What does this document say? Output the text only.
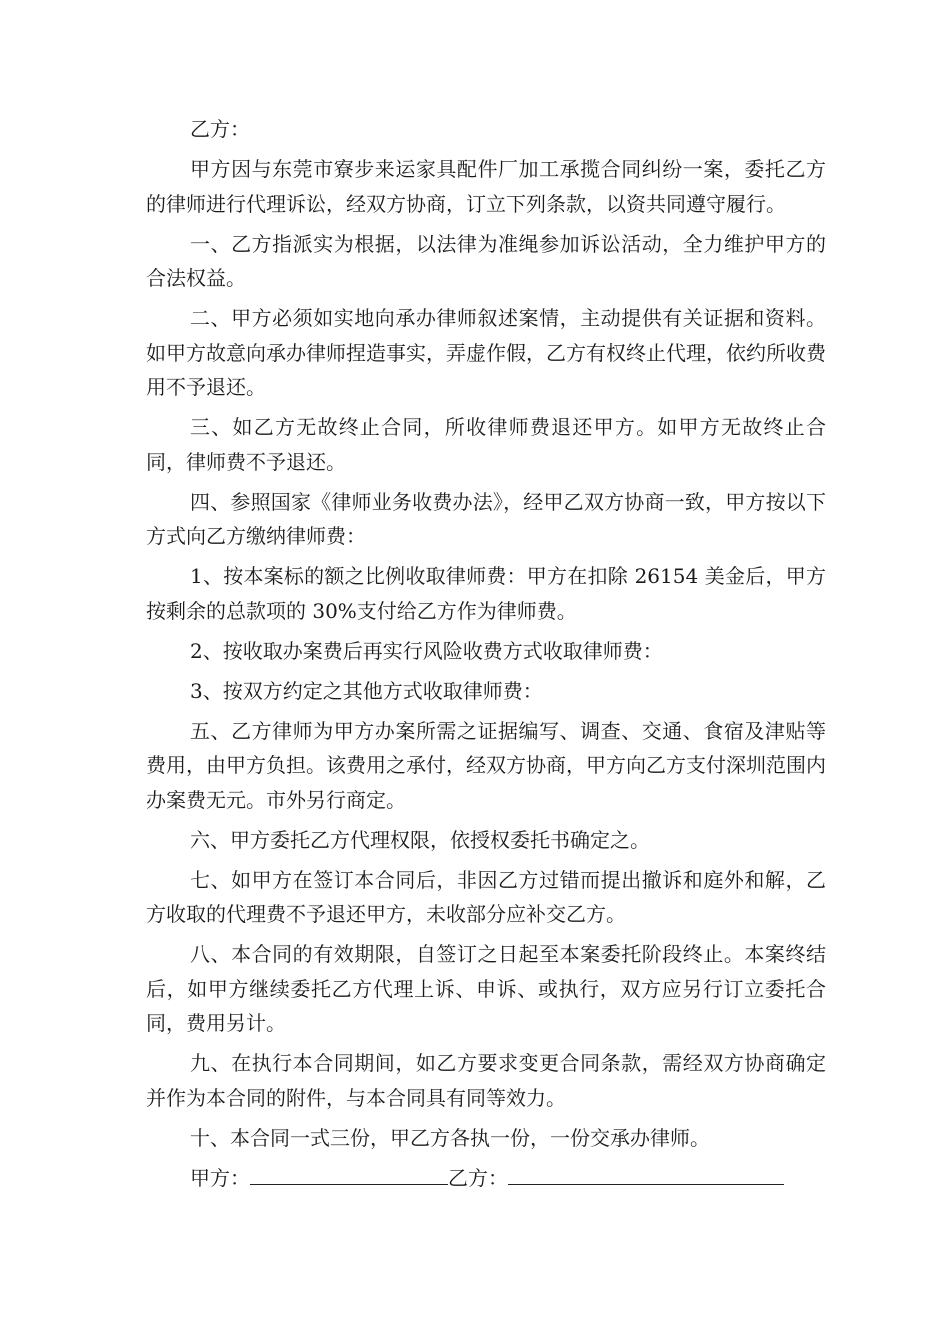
乙方：

甲方因与东莞市寮步来运家具配件厂加工承揽合同纠纷一案，委托乙方的律师进行代理诉讼，经双方协商，订立下列条款，以资共同遵守履行。

一、乙方指派实为根据，以法律为准绳参加诉讼活动，全力维护甲方的合法权益。

二、甲方必须如实地向承办律师叙述案情，主动提供有关证据和资料。如甲方故意向承办律师捏造事实，弄虚作假，乙方有权终止代理，依约所收费用不予退还。

三、如乙方无故终止合同，所收律师费退还甲方。如甲方无故终止合同，律师费不予退还。

四、参照国家《律师业务收费办法》，经甲乙双方协商一致，甲方按以下方式向乙方缴纳律师费：

1、按本案标的额之比例收取律师费：甲方在扣除 26154 美金后，甲方按剩余的总款项的 30%支付给乙方作为律师费。

2、按收取办案费后再实行风险收费方式收取律师费：

3、按双方约定之其他方式收取律师费：

五、乙方律师为甲方办案所需之证据编写、调查、交通、食宿及津贴等费用，由甲方负担。该费用之承付，经双方协商，甲方向乙方支付深圳范围内办案费无元。市外另行商定。

六、甲方委托乙方代理权限，依授权委托书确定之。

七、如甲方在签订本合同后，非因乙方过错而提出撤诉和庭外和解，乙方收取的代理费不予退还甲方，未收部分应补交乙方。

八、本合同的有效期限，自签订之日起至本案委托阶段终止。本案终结后，如甲方继续委托乙方代理上诉、申诉、或执行，双方应另行订立委托合同，费用另计。

九、在执行本合同期间，如乙方要求变更合同条款，需经双方协商确定并作为本合同的附件，与本合同具有同等效力。

十、本合同一式三份，甲乙方各执一份，一份交承办律师。

甲方：	乙方：
